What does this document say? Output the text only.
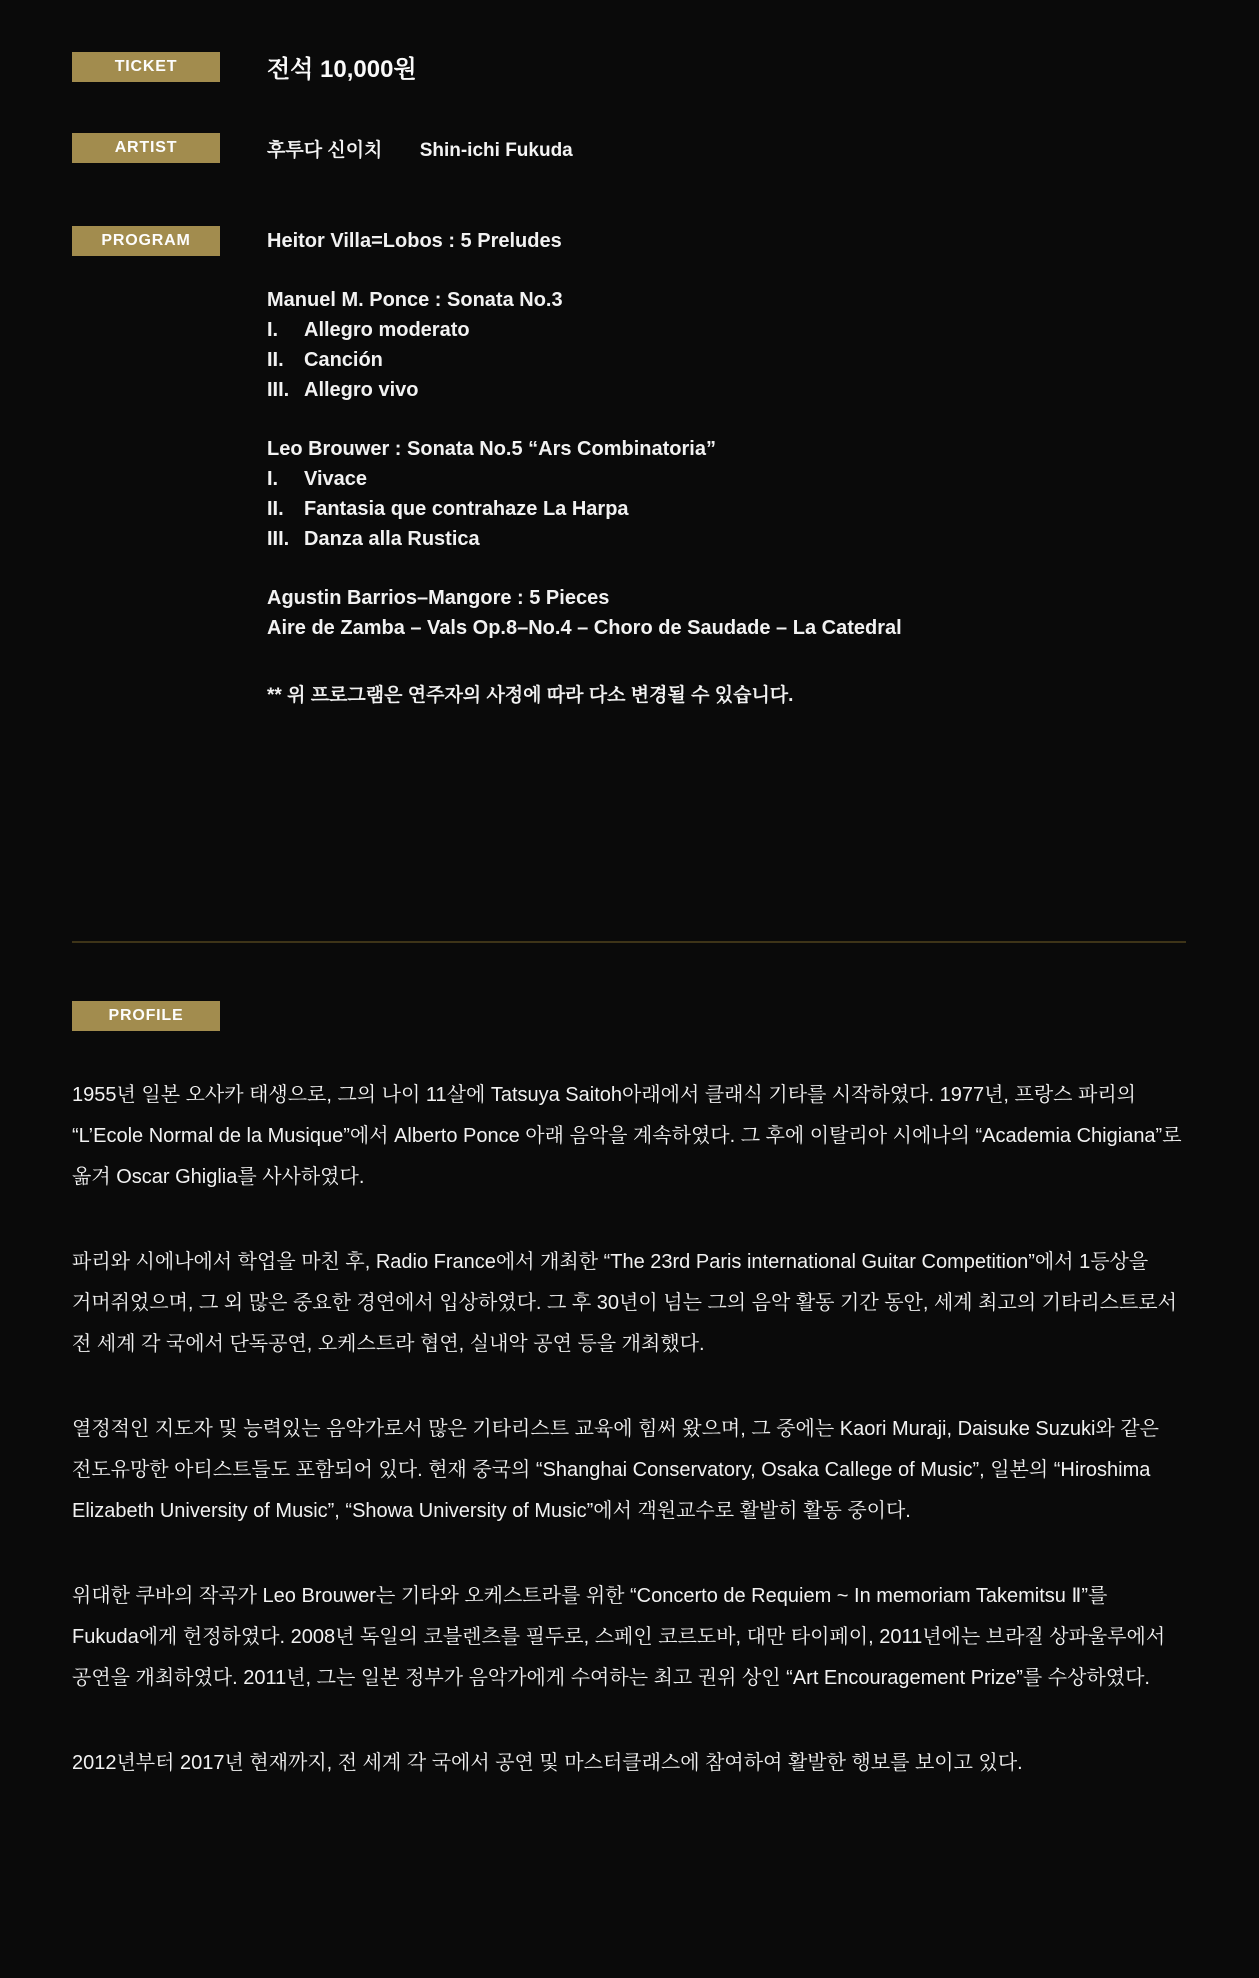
TICKET	전석 10,000원
ARTIST	후투다 신이치 Shin-ichi Fukuda
PROGRAM	Heitor Villa=Lobos : 5 Preludes
Manuel M. Ponce : Sonata No.3
I.	Allegro moderato
II.	Canción
III. Allegro vivo
Leo Brouwer : Sonata No.5 “Ars Combinatoria”
I.	Vivace
II.	Fantasia que contrahaze La Harpa
III. Danza alla Rustica
Agustin Barrios–Mangore : 5 Pieces
Aire de Zamba – Vals Op.8–No.4 – Choro de Saudade – La Catedral
** 위 프로그램은 연주자의 사정에 따라 다소 변경될 수 있습니다.
PROFILE

1955년 일본 오사카 태생으로, 그의 나이 11살에 Tatsuya Saitoh아래에서 클래식 기타를 시작하였다. 1977년, 프랑스 파리의 “L’Ecole Normal de la Musique”에서 Alberto Ponce 아래 음악을 계속하였다. 그 후에 이탈리아 시에나의 “Academia Chigiana”로 옮겨 Oscar Ghiglia를 사사하였다.

파리와 시에나에서 학업을 마친 후, Radio France에서 개최한 “The 23rd Paris international Guitar Competition”에서 1등상을 거머쥐었으며, 그 외 많은 중요한 경연에서 입상하였다. 그 후 30년이 넘는 그의 음악 활동 기간 동안, 세계 최고의 기타리스트로서 전 세계 각 국에서 단독공연, 오케스트라 협연, 실내악 공연 등을 개최했다.

열정적인 지도자 및 능력있는 음악가로서 많은 기타리스트 교육에 힘써 왔으며, 그 중에는 Kaori Muraji, Daisuke Suzuki와 같은 전도유망한 아티스트들도 포함되어 있다. 현재 중국의 “Shanghai Conservatory, Osaka Callege of Music”, 일본의 “Hiroshima Elizabeth University of Music”, “Showa University of Music”에서 객원교수로 활발히 활동 중이다.

위대한 쿠바의 작곡가 Leo Brouwer는 기타와 오케스트라를 위한 “Concerto de Requiem ~ In memoriam Takemitsu Ⅱ”를 Fukuda에게 헌정하였다. 2008년 독일의 코블렌츠를 필두로, 스페인 코르도바, 대만 타이페이, 2011년에는 브라질 상파울루에서 공연을 개최하였다. 2011년, 그는 일본 정부가 음악가에게 수여하는 최고 권위 상인 “Art Encouragement Prize”를 수상하였다.

2012년부터 2017년 현재까지, 전 세계 각 국에서 공연 및 마스터클래스에 참여하여 활발한 행보를 보이고 있다.
